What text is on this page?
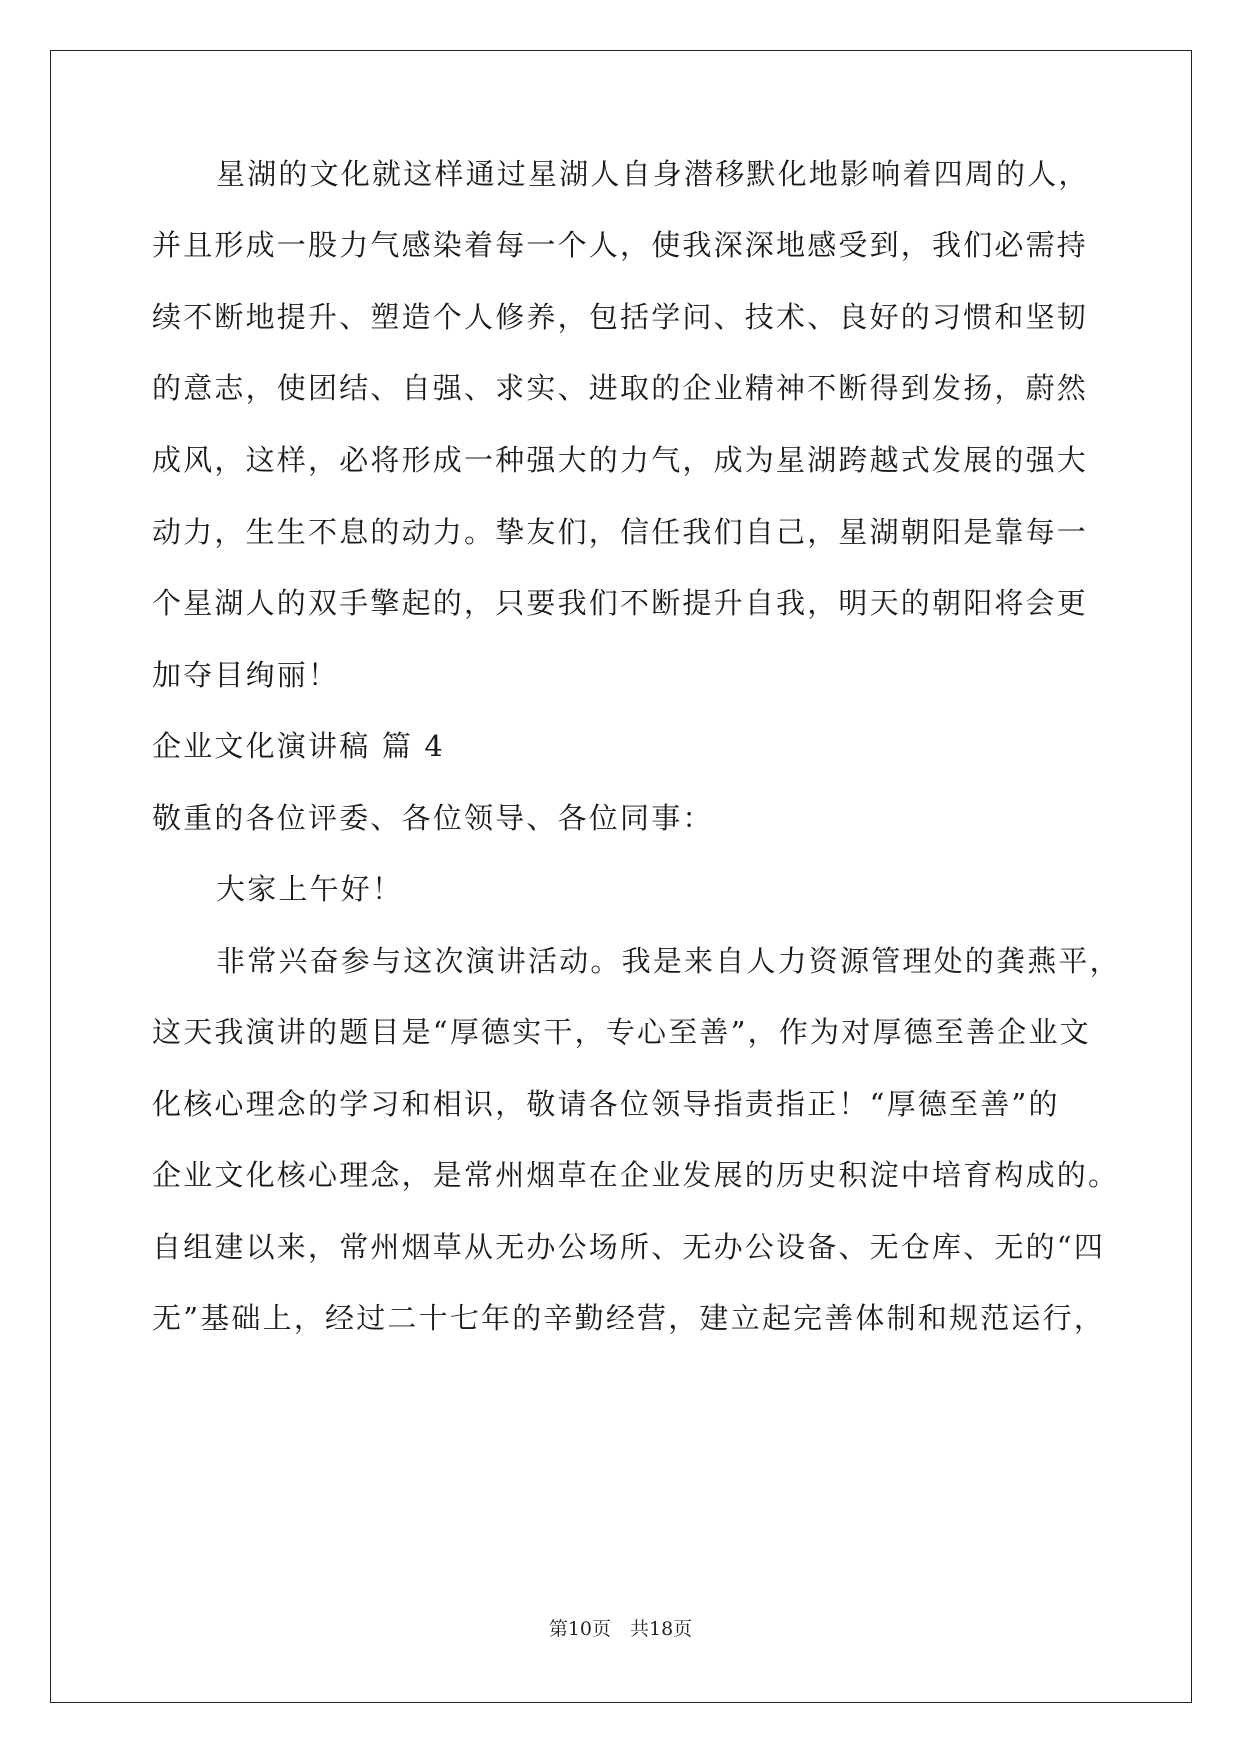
星湖的文化就这样通过星湖人自身潜移默化地影响着四周的人，
并且形成一股力气感染着每一个人，使我深深地感受到，我们必需持
续不断地提升、塑造个人修养，包括学问、技术、良好的习惯和坚韧
的意志，使团结、自强、求实、进取的企业精神不断得到发扬，蔚然
成风，这样，必将形成一种强大的力气，成为星湖跨越式发展的强大
动力，生生不息的动力。挚友们，信任我们自己，星湖朝阳是靠每一
个星湖人的双手擎起的，只要我们不断提升自我，明天的朝阳将会更
加夺目绚丽！
企业文化演讲稿 篇 4
敬重的各位评委、各位领导、各位同事：
大家上午好！
非常兴奋参与这次演讲活动。我是来自人力资源管理处的龚燕平，
这天我演讲的题目是“厚德实干，专心至善”，作为对厚德至善企业文
化核心理念的学习和相识，敬请各位领导指责指正！“厚德至善”的
企业文化核心理念，是常州烟草在企业发展的历史积淀中培育构成的。
自组建以来，常州烟草从无办公场所、无办公设备、无仓库、无的“四
无”基础上，经过二十七年的辛勤经营，建立起完善体制和规范运行，
第10页　共18页
